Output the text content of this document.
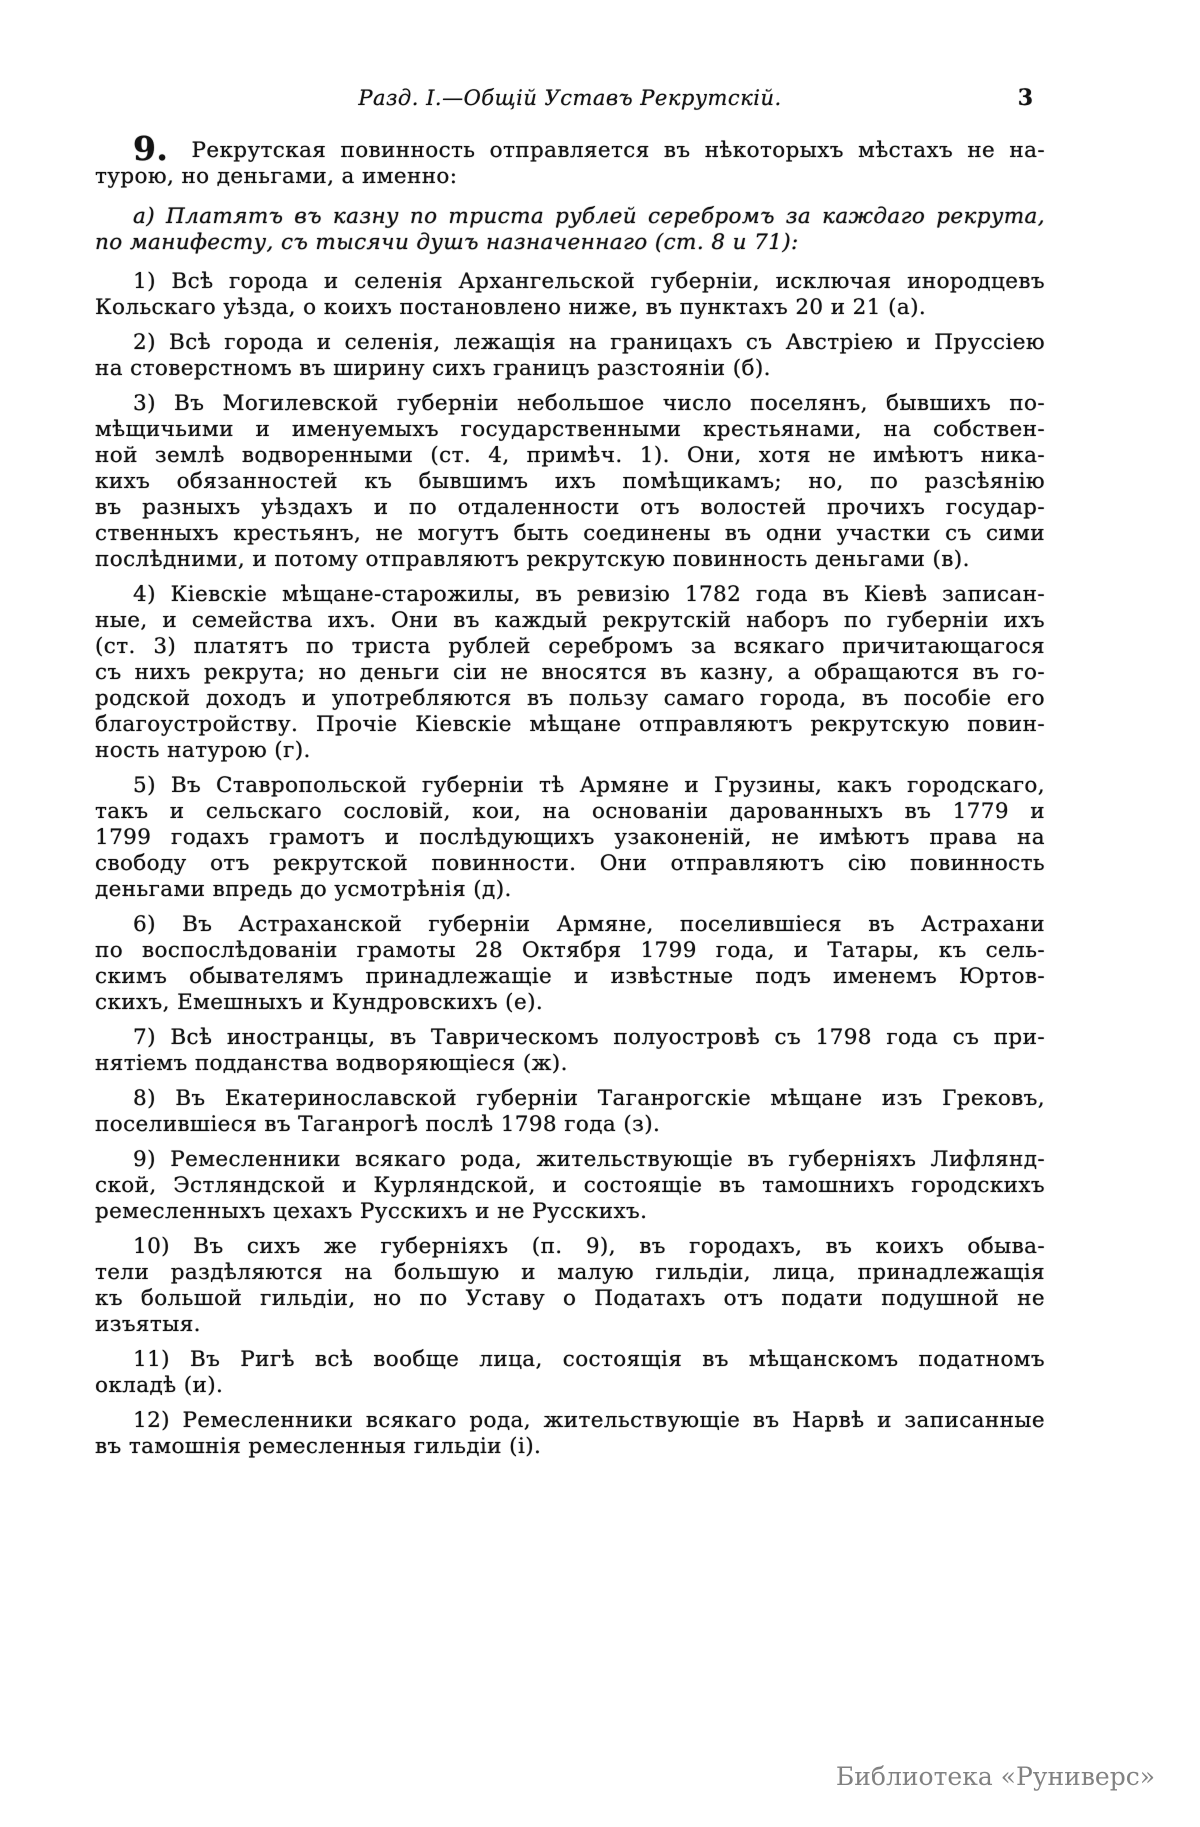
Разд. I.—Общій Уставъ Рекрутскій.	3

9. Рекрутская повинность отправляется въ нѣкоторыхъ мѣстахъ не на-
турою, но деньгами, а именно:

а) Платятъ въ казну по триста рублей серебромъ за каждаго рекрута,
по манифесту, съ тысячи душъ назначеннаго (ст. 8 и 71):

1) Всѣ города и селенія Архангельской губерніи, исключая инородцевъ
Кольскаго уѣзда, о коихъ постановлено ниже, въ пунктахъ 20 и 21 (а).

2) Всѣ города и селенія, лежащія на границахъ съ Австріею и Пруссіею
на стоверстномъ въ ширину сихъ границъ разстояніи (б).

3) Въ Могилевской губерніи небольшое число поселянъ, бывшихъ по-
мѣщичьими и именуемыхъ государственными крестьянами, на собствен-
ной землѣ водворенными (ст. 4, примѣч. 1). Они, хотя не имѣютъ ника-
кихъ обязанностей къ бывшимъ ихъ помѣщикамъ; но, по разсѣянію
въ разныхъ уѣздахъ и по отдаленности отъ волостей прочихъ государ-
ственныхъ крестьянъ, не могутъ быть соединены въ одни участки съ сими
послѣдними, и потому отправляютъ рекрутскую повинность деньгами (в).

4) Кіевскіе мѣщане-старожилы, въ ревизію 1782 года въ Кіевѣ записан-
ные, и семейства ихъ. Они въ каждый рекрутскій наборъ по губерніи ихъ
(ст. 3) платятъ по триста рублей серебромъ за всякаго причитающагося
съ нихъ рекрута; но деньги сіи не вносятся въ казну, а обращаются въ го-
родской доходъ и употребляются въ пользу самаго города, въ пособіе его
благоустройству. Прочіе Кіевскіе мѣщане отправляютъ рекрутскую повин-
ность натурою (г).

5) Въ Ставропольской губерніи тѣ Армяне и Грузины, какъ городскаго,
такъ и сельскаго сословій, кои, на основаніи дарованныхъ въ 1779 и
1799 годахъ грамотъ и послѣдующихъ узаконеній, не имѣютъ права на
свободу отъ рекрутской повинности. Они отправляютъ сію повинность
деньгами впредь до усмотрѣнія (д).

6) Въ Астраханской губерніи Армяне, поселившіеся въ Астрахани
по воспослѣдованіи грамоты 28 Октября 1799 года, и Татары, къ сель-
скимъ обывателямъ принадлежащіе и извѣстные подъ именемъ Юртов-
скихъ, Емешныхъ и Кундровскихъ (е).

7) Всѣ иностранцы, въ Таврическомъ полуостровѣ съ 1798 года съ при-
нятіемъ подданства водворяющіеся (ж).

8) Въ Екатеринославской губерніи Таганрогскіе мѣщане изъ Грековъ,
поселившіеся въ Таганрогѣ послѣ 1798 года (з).

9) Ремесленники всякаго рода, жительствующіе въ губерніяхъ Лифлянд-
ской, Эстляндской и Курляндской, и состоящіе въ тамошнихъ городскихъ
ремесленныхъ цехахъ Русскихъ и не Русскихъ.

10) Въ сихъ же губерніяхъ (п. 9), въ городахъ, въ коихъ обыва-
тели раздѣляются на большую и малую гильдіи, лица, принадлежащія
къ большой гильдіи, но по Уставу о Податахъ отъ подати подушной не
изъятыя.

11) Въ Ригѣ всѣ вообще лица, состоящія въ мѣщанскомъ податномъ
окладѣ (и).

12) Ремесленники всякаго рода, жительствующіе въ Нарвѣ и записанные
въ тамошнія ремесленныя гильдіи (і).

Библиотека «Руниверс»
